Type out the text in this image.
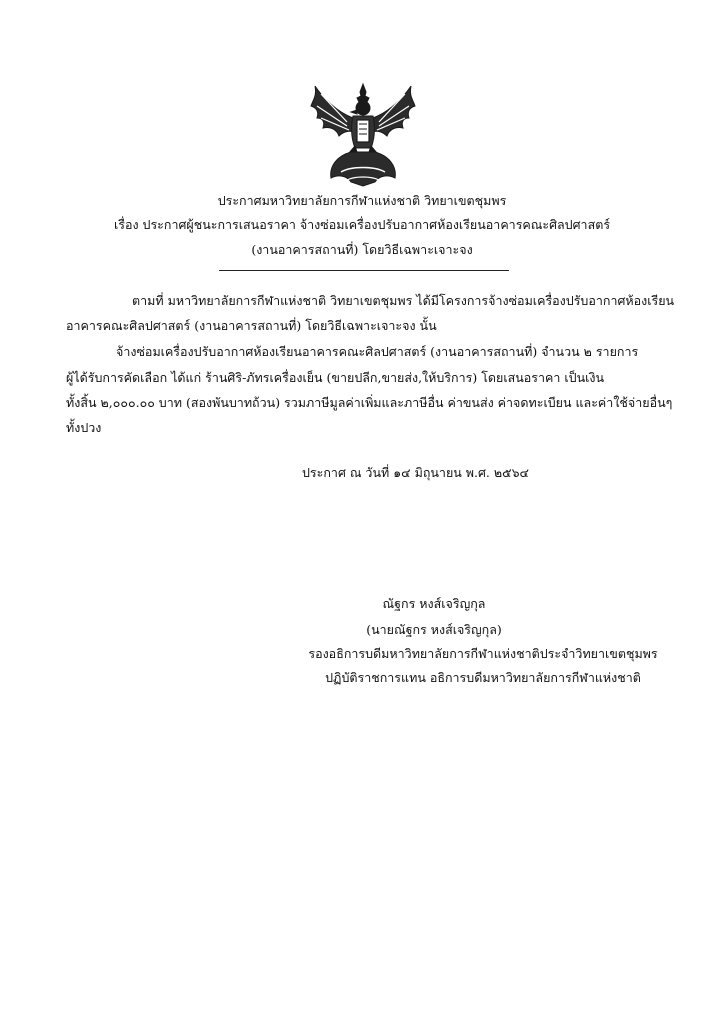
ประกาศมหาวิทยาลัยการกีฬาแห่งชาติ วิทยาเขตชุมพร
เรื่อง ประกาศผู้ชนะการเสนอราคา จ้างซ่อมเครื่องปรับอากาศห้องเรียนอาคารคณะศิลปศาสตร์
(งานอาคารสถานที่) โดยวิธีเฉพาะเจาะจง
ตามที่ มหาวิทยาลัยการกีฬาแห่งชาติ วิทยาเขตชุมพร ได้มีโครงการจ้างซ่อมเครื่องปรับอากาศห้องเรียน
อาคารคณะศิลปศาสตร์ (งานอาคารสถานที่) โดยวิธีเฉพาะเจาะจง นั้น
จ้างซ่อมเครื่องปรับอากาศห้องเรียนอาคารคณะศิลปศาสตร์ (งานอาคารสถานที่) จำนวน ๒ รายการ
ผู้ได้รับการคัดเลือก ได้แก่ ร้านศิริ-ภัทรเครื่องเย็น (ขายปลีก,ขายส่ง,ให้บริการ) โดยเสนอราคา เป็นเงิน
ทั้งสิ้น ๒,๐๐๐.๐๐ บาท (สองพันบาทถ้วน) รวมภาษีมูลค่าเพิ่มและภาษีอื่น ค่าขนส่ง ค่าจดทะเบียน และค่าใช้จ่ายอื่นๆ
ทั้งปวง
ประกาศ ณ วันที่ ๑๔ มิถุนายน พ.ศ. ๒๕๖๔
ณัฐกร หงส์เจริญกุล
(นายณัฐกร หงส์เจริญกุล)
รองอธิการบดีมหาวิทยาลัยการกีฬาแห่งชาติประจำวิทยาเขตชุมพร
ปฏิบัติราชการแทน อธิการบดีมหาวิทยาลัยการกีฬาแห่งชาติ
